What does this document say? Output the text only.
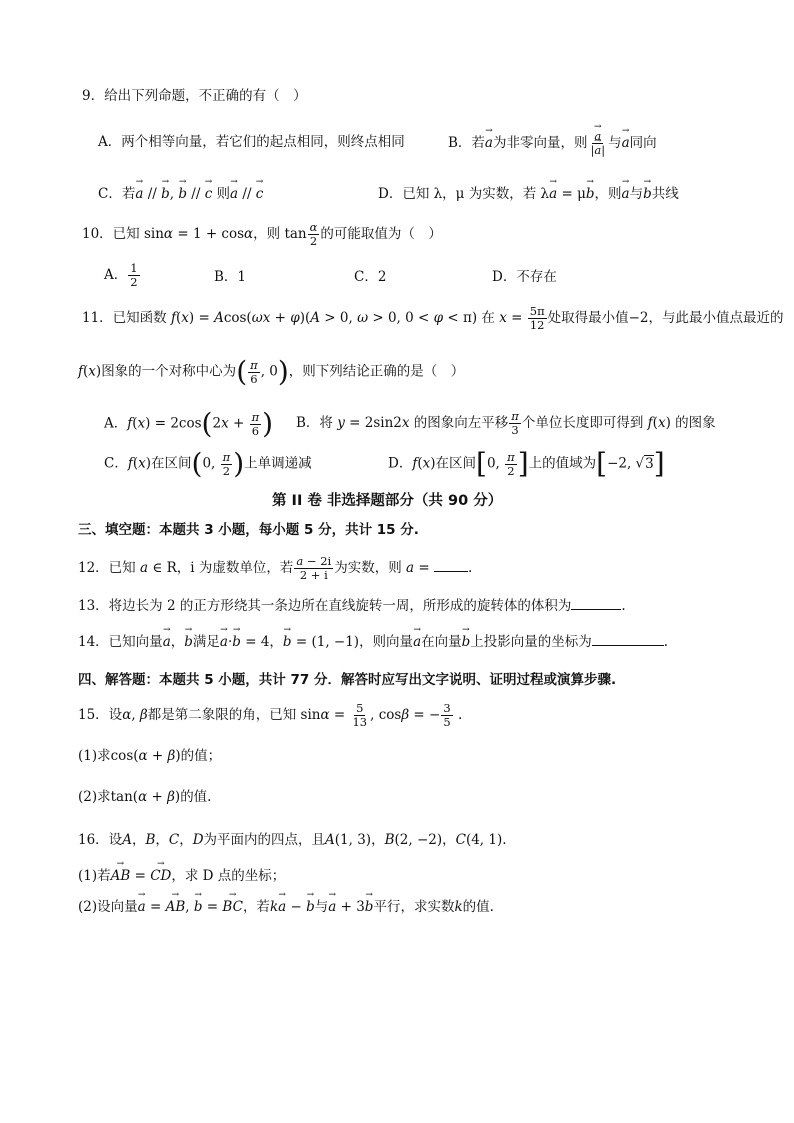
9．给出下列命题，不正确的有（　）
A．两个相等向量，若它们的起点相同，则终点相同	B．若→ a为非零向量，则
→ $\frac{a}{|\to a|}$ 与→ a同向
C．若→ a // → b, → b // → c 则→ a // → c	D．已知 λ，μ 为实数，若 λ→ a = μ→ b，则→ a与→ b共线
10．已知 sinα = 1 + cosα，则 $\tan \frac{\alpha}{2}$ 的可能取值为（　）
A． $\frac{1}{2}$	B．1	C．2	D．不存在
11．已知函数 f(x) = Acos(ωx + φ)(A > 0, ω > 0, 0 < φ < π) 在 $x = \frac{5\pi}{12}$ 处取得最小值−2，与此最小值点最近的
f(x)图象的一个对称中心为( $\frac{\pi}{6}$ , 0)，则下列结论正确的是（　）
A．$f(x) = 2\cos(2x + \frac{\pi}{6}$ ) B．将 y = 2sin2x 的图象向左平移 $\frac{\pi}{3}$ 个单位长度即可得到 f(x) 的图象
C．f(x)在区间(0, $\frac{\pi}{2}$ )上单调递减	D．f(x)在区间[0, $\frac{\pi}{2}$ ]上的值域为[−2, √3]
第 II 卷 非选择题部分（共 90 分）
三、填空题：本题共 3 小题，每小题 5 分，共计 15 分.
12．已知 a ∈ R，i 为虚数单位，若 $\frac{a - 2i}{2 + i}$ 为实数，则 a =	.
13．将边长为 2 的正方形绕其一条边所在直线旋转一周，所形成的旋转体的体积为	.
14．已知向量→ a，→ b满足→ a·→ b = 4，→ b = (1, −1)，则向量→ a在向量→ b上投影向量的坐标为	.
四、解答题：本题共 5 小题，共计 77 分．解答时应写出文字说明、证明过程或演算步骤.
15．设α, β都是第二象限的角，已知 $\sin\alpha = \frac{5}{13}$ , cosβ = − $\frac{3}{5}$ .
(1)求cos(α + β)的值；
(2)求tan(α + β)的值.
16．设A，B，C，D为平面内的四点，且A(1, 3)，B(2, −2)，C(4, 1).
(1)若→ AB = → CD，求 D 点的坐标；
(2)设向量→ a = → AB, → b = → BC，若k→ a − → b与→ a + 3→ b平行，求实数k的值.
